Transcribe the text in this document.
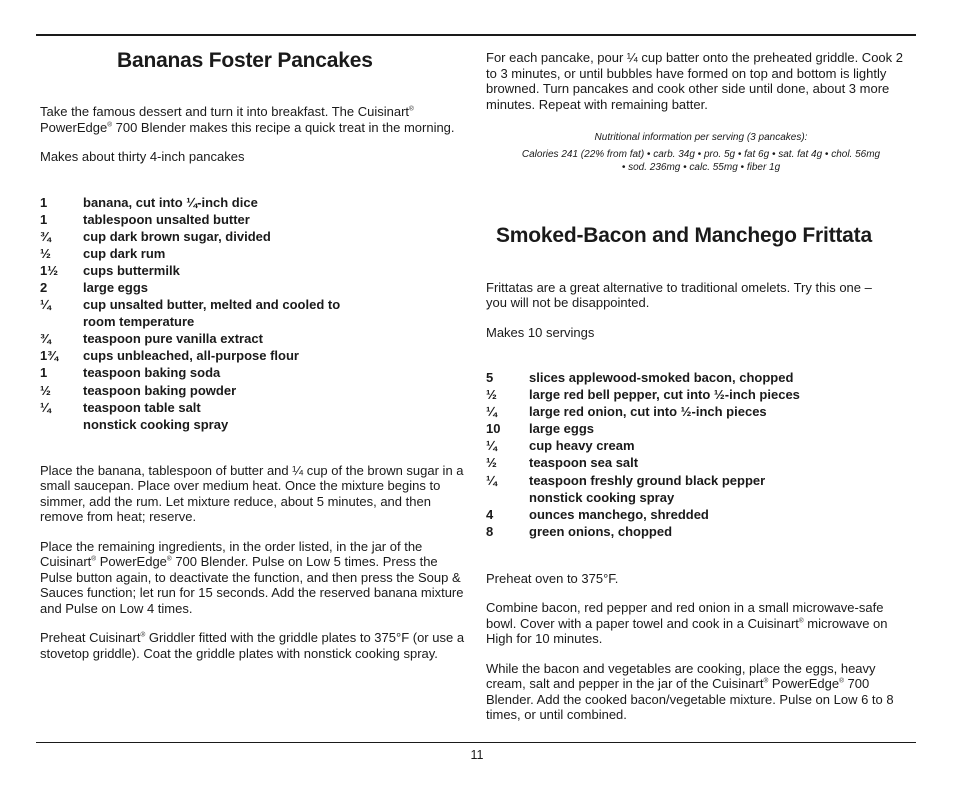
Bananas Foster Pancakes

Take the famous dessert and turn it into breakfast. The Cuisinart® PowerEdge® 700 Blender makes this recipe a quick treat in the morning.

Makes about thirty 4-inch pancakes

1	banana, cut into ¼-inch dice
1	tablespoon unsalted butter
¾	cup dark brown sugar, divided
½	cup dark rum
1½	cups buttermilk
2	large eggs
¼	cup unsalted butter, melted and cooled to room temperature
¾	teaspoon pure vanilla extract
1¾	cups unbleached, all-purpose flour
1	teaspoon baking soda
½	teaspoon baking powder
¼	teaspoon table salt
nonstick cooking spray

Place the banana, tablespoon of butter and ¼ cup of the brown sugar in a small saucepan. Place over medium heat. Once the mixture begins to simmer, add the rum. Let mixture reduce, about 5 minutes, and then remove from heat; reserve.

Place the remaining ingredients, in the order listed, in the jar of the Cuisinart® PowerEdge® 700 Blender. Pulse on Low 5 times. Press the Pulse button again, to deactivate the function, and then press the Soup & Sauces function; let run for 15 seconds. Add the reserved banana mixture and Pulse on Low 4 times.

Preheat Cuisinart® Griddler fitted with the griddle plates to 375°F (or use a stovetop griddle). Coat the griddle plates with nonstick cooking spray.

For each pancake, pour ¼ cup batter onto the preheated griddle. Cook 2 to 3 minutes, or until bubbles have formed on top and bottom is lightly browned. Turn pancakes and cook other side until done, about 3 more minutes. Repeat with remaining batter.

Nutritional information per serving (3 pancakes):
Calories 241 (22% from fat) • carb. 34g • pro. 5g • fat 6g • sat. fat 4g • chol. 56mg
• sod. 236mg • calc. 55mg • fiber 1g
Smoked-Bacon and Manchego Frittata

Frittatas are a great alternative to traditional omelets. Try this one – you will not be disappointed.

Makes 10 servings

5	slices applewood-smoked bacon, chopped
½	large red bell pepper, cut into ½-inch pieces
¼	large red onion, cut into ½-inch pieces
10	large eggs
¼	cup heavy cream
½	teaspoon sea salt
¼	teaspoon freshly ground black pepper
nonstick cooking spray
4	ounces manchego, shredded
8	green onions, chopped

Preheat oven to 375°F.

Combine bacon, red pepper and red onion in a small microwave-safe bowl. Cover with a paper towel and cook in a Cuisinart® microwave on High for 10 minutes.

While the bacon and vegetables are cooking, place the eggs, heavy cream, salt and pepper in the jar of the Cuisinart® PowerEdge® 700 Blender. Add the cooked bacon/vegetable mixture. Pulse on Low 6 to 8 times, or until combined.

11
